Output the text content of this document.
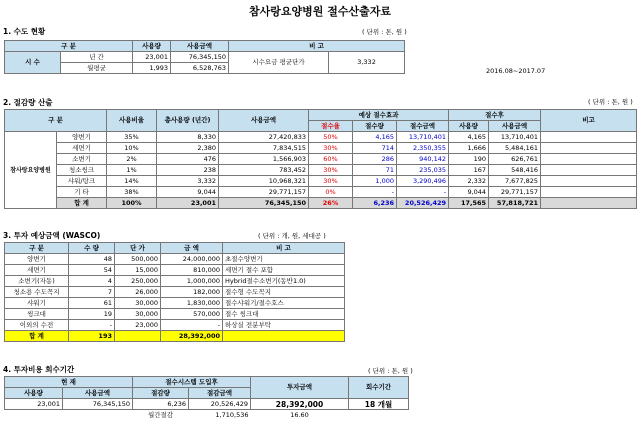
참사랑요양병원 절수산출자료
1. 수도 현황	( 단위 : 톤, 원 )
구 분		사용량	사용금액	비 고	
시 수	년 간	23,001	76,345,150	시수요금 평균단가	3,332
	월평균	1,993	6,528,763			2016.08~2017.07
2. 절감량 산출	( 단위 : 톤, 원 )
구 분		사용비율	총사용량 (년간)	사용금액	예상 절수효과			절수후		비고
					절수율	절수량	절수금액	사용량	사용금액	
참사랑요양병원	양변기	35%	8,330	27,420,833	50%	4,165	13,710,401	4,165	13,710,401	
	세면기	10%	2,380	7,834,515	30%	714	2,350,355	1,666	5,484,161	
	소변기	2%	476	1,566,903	60%	286	940,142	190	626,761	
	청소씽크	1%	238	783,452	30%	71	235,035	167	548,416	
	샤워/탕크	14%	3,332	10,968,321	30%	1,000	3,290,496	2,332	7,677,825	
	기 타	38%	9,044	29,771,157	0%	-	-	9,044	29,771,157	
	합 계	100%	23,001	76,345,150	26%	6,236	20,526,429	17,565	57,818,721	
3. 투자 예상금액 (WASCO)	( 단위 : 개, 원, 세대공 )
구 분	수 량	단 가	금 액	비 고
양변기	48	500,000	24,000,000	초절수양변기
세면기	54	15,000	810,000	세면기 절수 포함
소변기(자동)	4	250,000	1,000,000	Hybrid절수소변기(동반1.0)
청소용 수도꼭지	7	26,000	182,000	절수형 수도꼭지
샤워기	61	30,000	1,830,000	절수샤워기/절수호스
씽크대	19	30,000	570,000	절수 씽크대
이외의 수전	-	23,000	-	하상실 전분부탁
합 계	193		28,392,000	
4. 투자비용 회수기간	( 단위 : 톤, 원 )
현 재		절수시스템 도입후		투자금액	회수기간
사용량	사용금액	절감량	절감금액		
23,001	76,345,150	6,236	20,526,429	28,392,000	18 개월
		월간절감	1,710,536	16.60	
